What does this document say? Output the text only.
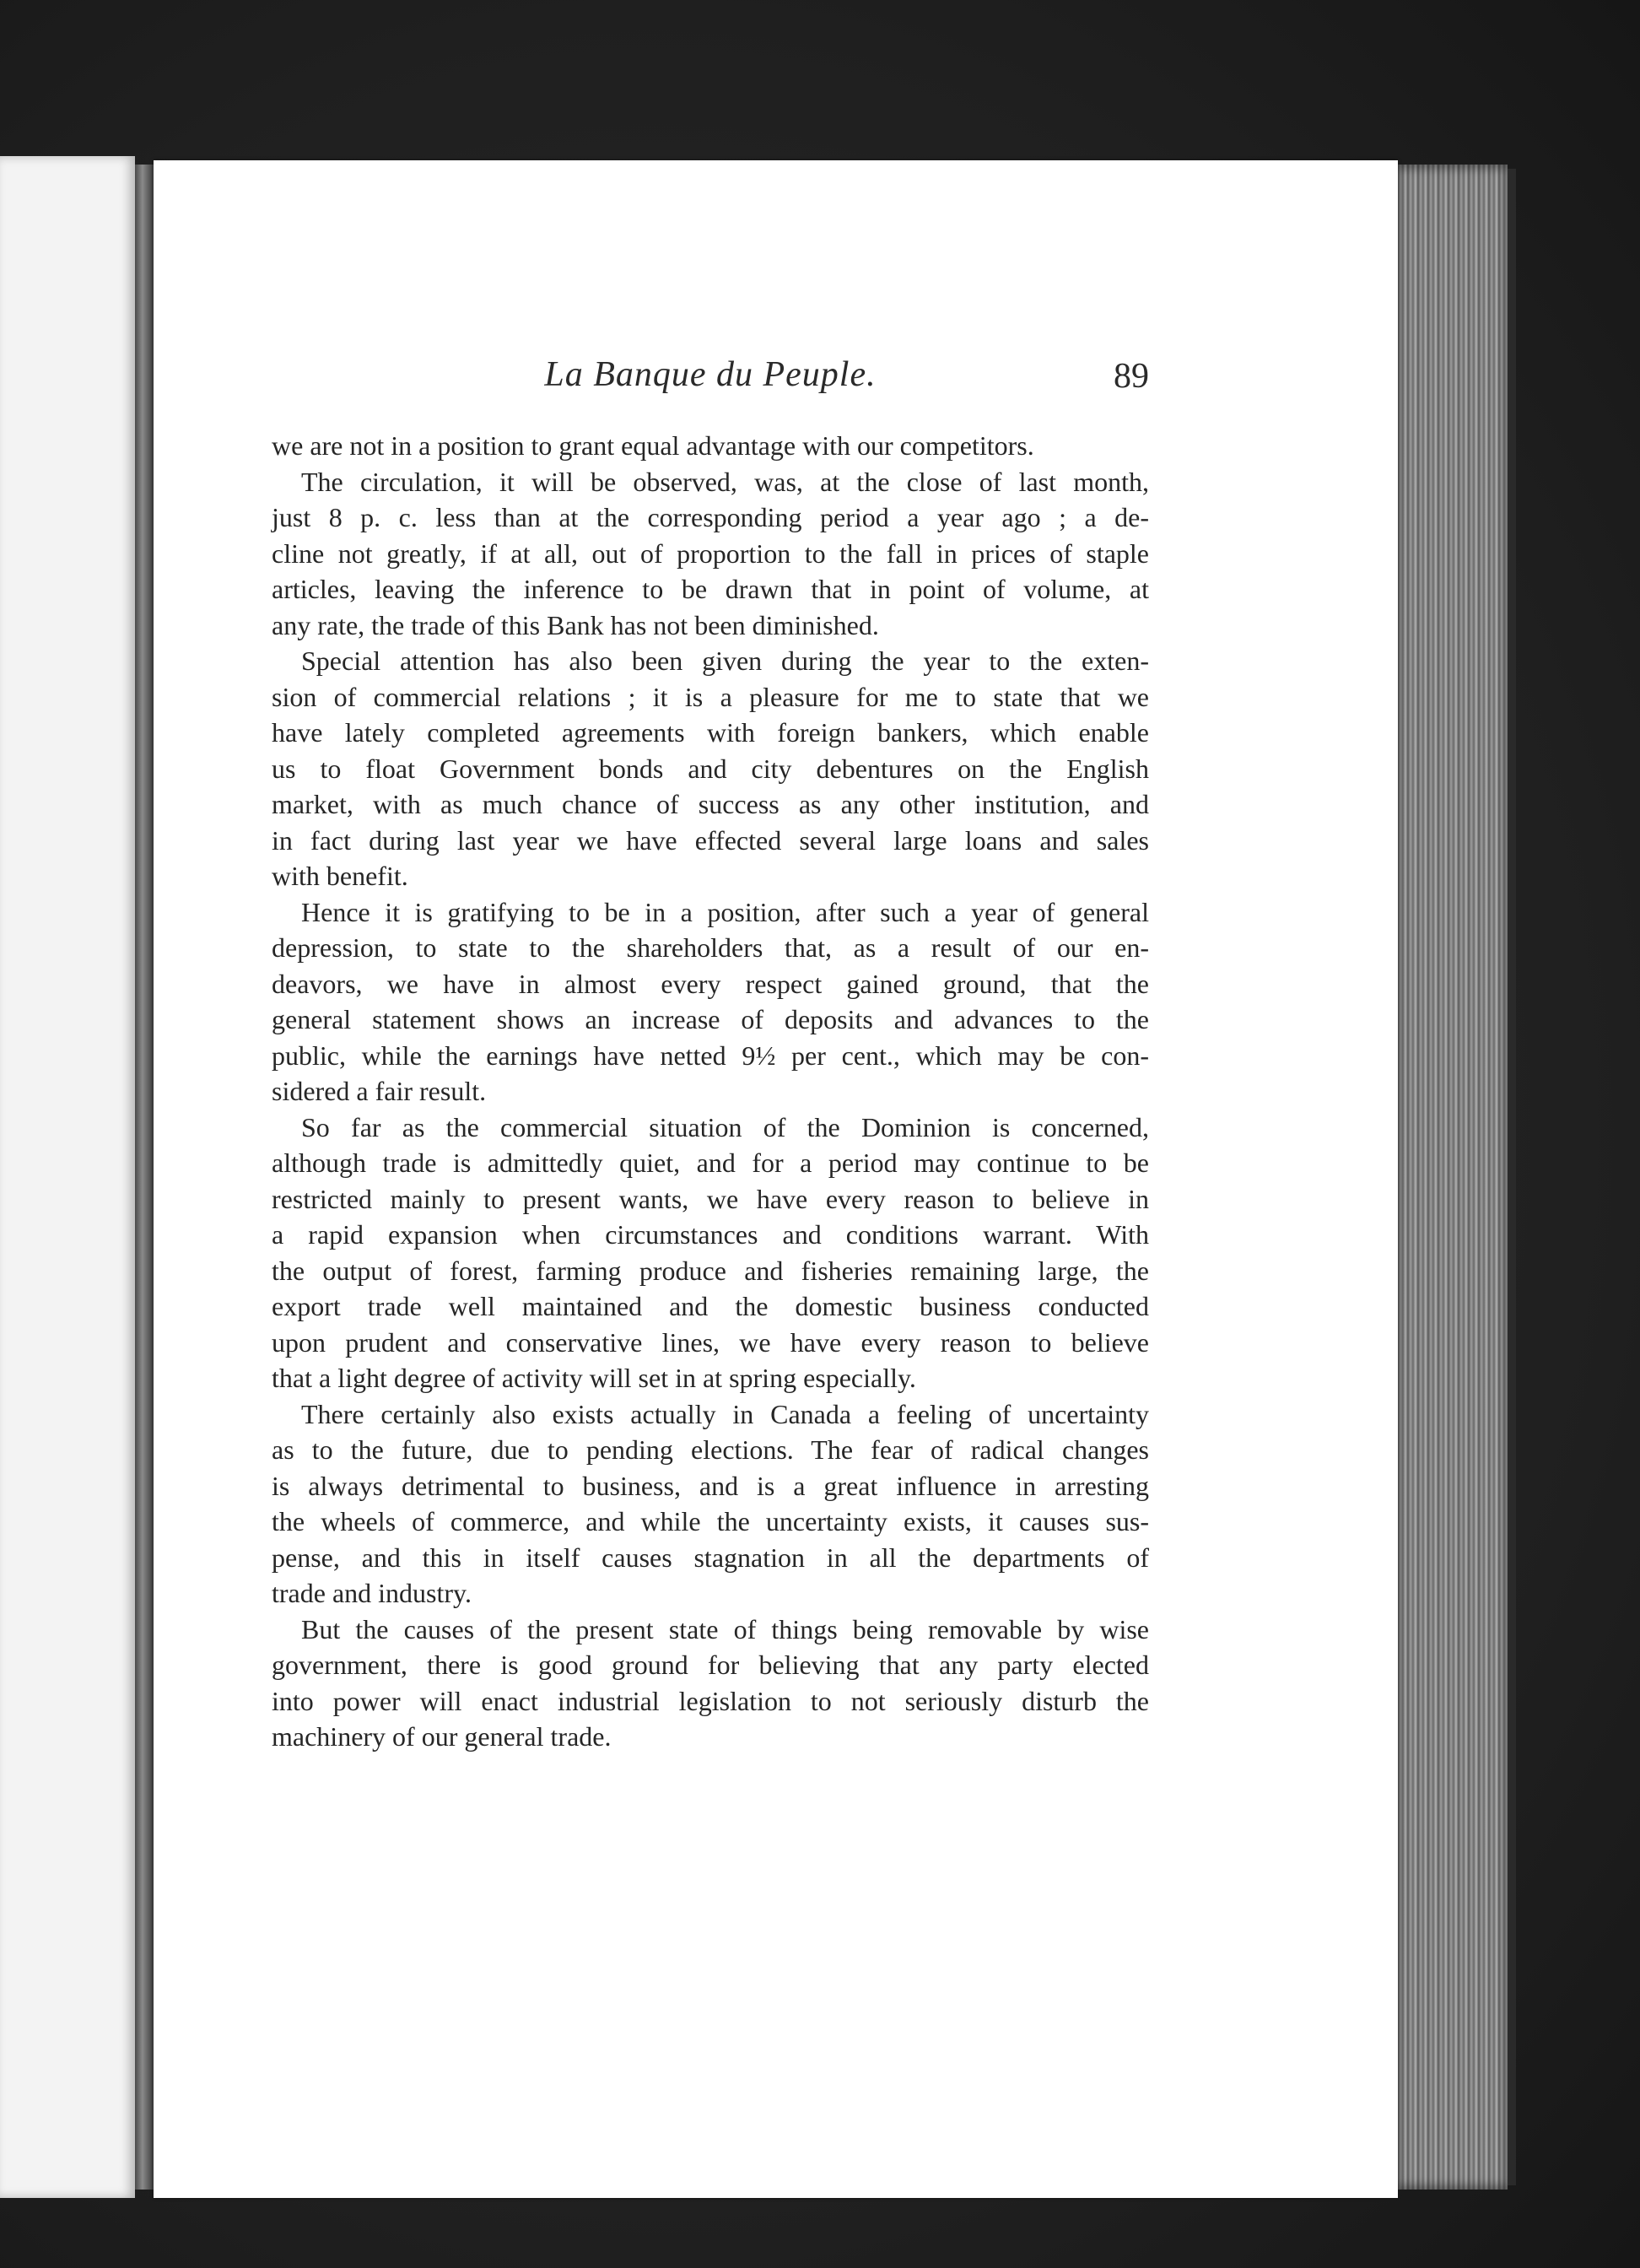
La Banque du Peuple.	89
we are not in a position to grant equal advantage with our competitors.
The circulation, it will be observed, was, at the close of last month,
just 8 p. c. less than at the corresponding period a year ago ; a de-
cline not greatly, if at all, out of proportion to the fall in prices of staple
articles, leaving the inference to be drawn that in point of volume, at
any rate, the trade of this Bank has not been diminished.
Special attention has also been given during the year to the exten-
sion of commercial relations ; it is a pleasure for me to state that we
have lately completed agreements with foreign bankers, which enable
us to float Government bonds and city debentures on the English
market, with as much chance of success as any other institution, and
in fact during last year we have effected several large loans and sales
with benefit.
Hence it is gratifying to be in a position, after such a year of general
depression, to state to the shareholders that, as a result of our en-
deavors, we have in almost every respect gained ground, that the
general statement shows an increase of deposits and advances to the
public, while the earnings have netted 9½ per cent., which may be con-
sidered a fair result.
So far as the commercial situation of the Dominion is concerned,
although trade is admittedly quiet, and for a period may continue to be
restricted mainly to present wants, we have every reason to believe in
a rapid expansion when circumstances and conditions warrant. With
the output of forest, farming produce and fisheries remaining large, the
export trade well maintained and the domestic business conducted
upon prudent and conservative lines, we have every reason to believe
that a light degree of activity will set in at spring especially.
There certainly also exists actually in Canada a feeling of uncertainty
as to the future, due to pending elections. The fear of radical changes
is always detrimental to business, and is a great influence in arresting
the wheels of commerce, and while the uncertainty exists, it causes sus-
pense, and this in itself causes stagnation in all the departments of
trade and industry.
But the causes of the present state of things being removable by wise
government, there is good ground for believing that any party elected
into power will enact industrial legislation to not seriously disturb the
machinery of our general trade.
